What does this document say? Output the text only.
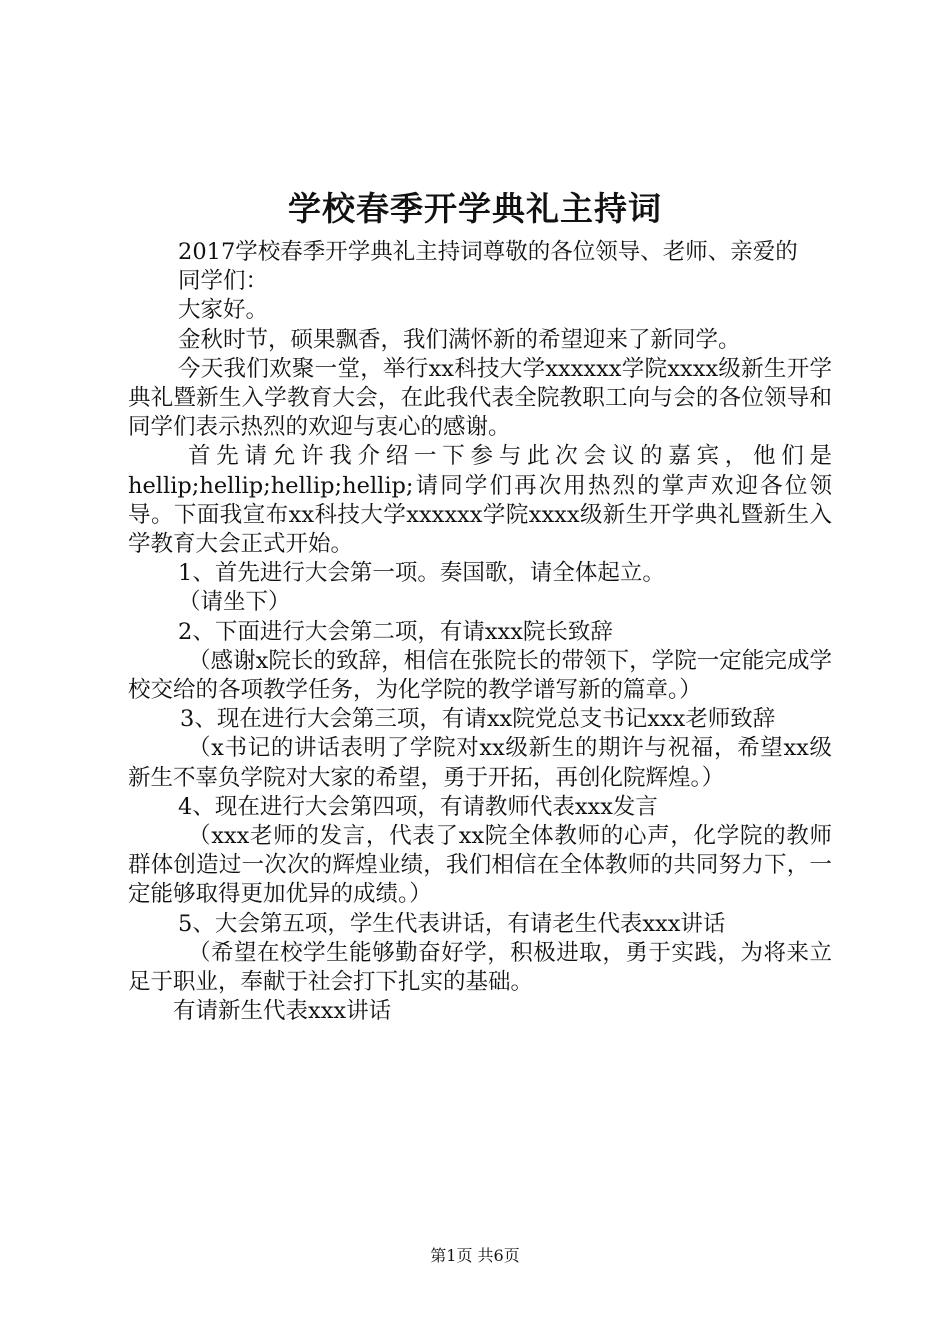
学校春季开学典礼主持词

2017学校春季开学典礼主持词尊敬的各位领导、老师、亲爱的

同学们：

大家好。

金秋时节，硕果飘香，我们满怀新的希望迎来了新同学。

今天我们欢聚一堂，举行xx科技大学xxxxxx学院xxxx级新生开学典礼暨新生入学教育大会，在此我代表全院教职工向与会的各位领导和同学们表示热烈的欢迎与衷心的感谢。

首先请允许我介绍一下参与此次会议的嘉宾，他们是hellip;hellip;hellip;hellip;请同学们再次用热烈的掌声欢迎各位领导。下面我宣布xx科技大学xxxxxx学院xxxx级新生开学典礼暨新生入学教育大会正式开始。

1、首先进行大会第一项。奏国歌，请全体起立。

（请坐下）

2、下面进行大会第二项，有请xxx院长致辞

（感谢x院长的致辞，相信在张院长的带领下，学院一定能完成学校交给的各项教学任务，为化学院的教学谱写新的篇章。）

3、现在进行大会第三项，有请xx院党总支书记xxx老师致辞

（x书记的讲话表明了学院对xx级新生的期许与祝福，希望xx级新生不辜负学院对大家的希望，勇于开拓，再创化院辉煌。）

4、现在进行大会第四项，有请教师代表xxx发言

（xxx老师的发言，代表了xx院全体教师的心声，化学院的教师群体创造过一次次的辉煌业绩，我们相信在全体教师的共同努力下，一定能够取得更加优异的成绩。）

5、大会第五项，学生代表讲话，有请老生代表xxx讲话

（希望在校学生能够勤奋好学，积极进取，勇于实践，为将来立足于职业，奉献于社会打下扎实的基础。

有请新生代表xxx讲话

第1页 共6页
